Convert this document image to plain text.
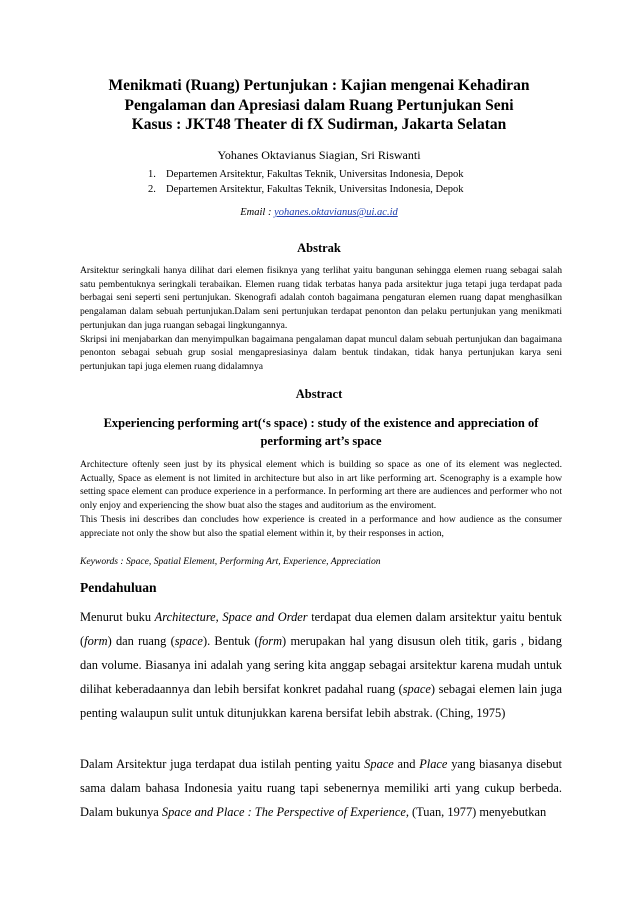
Menikmati (Ruang) Pertunjukan : Kajian mengenai Kehadiran
Pengalaman dan Apresiasi dalam Ruang Pertunjukan Seni
Kasus : JKT48 Theater di fX Sudirman, Jakarta Selatan
Yohanes Oktavianus Siagian, Sri Riswanti
1. Departemen Arsitektur, Fakultas Teknik, Universitas Indonesia, Depok
2. Departemen Arsitektur, Fakultas Teknik, Universitas Indonesia, Depok
Email : yohanes.oktavianus@ui.ac.id
Abstrak

Arsitektur seringkali hanya dilihat dari elemen fisiknya yang terlihat yaitu bangunan sehingga elemen ruang sebagai salah satu pembentuknya seringkali terabaikan. Elemen ruang tidak terbatas hanya pada arsitektur juga tetapi juga terdapat pada berbagai seni seperti seni pertunjukan. Skenografi adalah contoh bagaimana pengaturan elemen ruang dapat menghasilkan pengalaman dalam sebuah pertunjukan.Dalam seni pertunjukan terdapat penonton dan pelaku pertunjukan yang menikmati pertunjukan dan juga ruangan sebagai lingkungannya.

Skripsi ini menjabarkan dan menyimpulkan bagaimana pengalaman dapat muncul dalam sebuah pertunjukan dan bagaimana penonton sebagai sebuah grup sosial mengapresiasinya dalam bentuk tindakan, tidak hanya pertunjukan karya seni pertunjukan tapi juga elemen ruang didalamnya

Abstract
Experiencing performing art(‘s space) : study of the existence and appreciation of
performing art’s space

Architecture oftenly seen just by its physical element which is building so space as one of its element was neglected. Actually, Space as element is not limited in architecture but also in art like performing art. Scenography is a example how setting space element can produce experience in a performance. In performing art there are audiences and performer who not only enjoy and experiencing the show buat also the stages and auditorium as the enviroment.

This Thesis ini describes dan concludes how experience is created in a performance and how audience as the consumer appreciate not only the show but also the spatial element within it, by their responses in action,

Keywords : Space, Spatial Element, Performing Art, Experience, Appreciation
Pendahuluan

Menurut buku Architecture, Space and Order terdapat dua elemen dalam arsitektur yaitu bentuk (form) dan ruang (space). Bentuk (form) merupakan hal yang disusun oleh titik, garis , bidang dan volume. Biasanya ini adalah yang sering kita anggap sebagai arsitektur karena mudah untuk dilihat keberadaannya dan lebih bersifat konkret padahal ruang (space) sebagai elemen lain juga penting walaupun sulit untuk ditunjukkan karena bersifat lebih abstrak. (Ching, 1975)

Dalam Arsitektur juga terdapat dua istilah penting yaitu Space and Place yang biasanya disebut sama dalam bahasa Indonesia yaitu ruang tapi sebenernya memiliki arti yang cukup berbeda. Dalam bukunya Space and Place : The Perspective of Experience, (Tuan, 1977) menyebutkan
